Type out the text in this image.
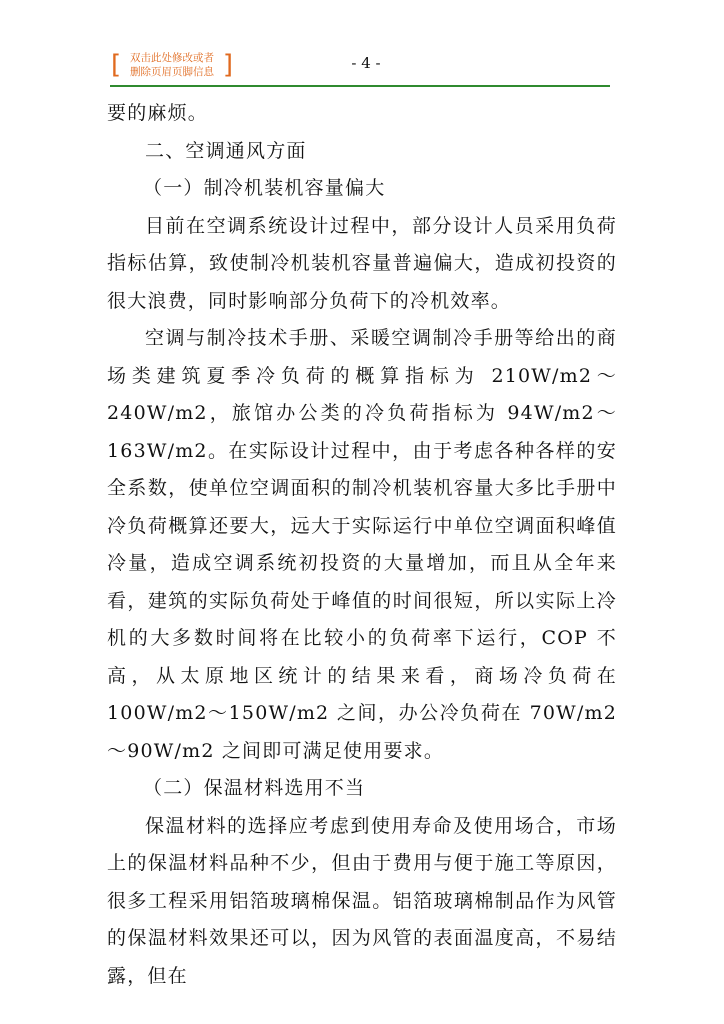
[ 双击此处修改或者
删除页眉页脚信息 ]	- 4 -

要的麻烦。

二、空调通风方面

（一）制冷机装机容量偏大

目前在空调系统设计过程中，部分设计人员采用负荷指标估算，致使制冷机装机容量普遍偏大，造成初投资的很大浪费，同时影响部分负荷下的冷机效率。

空调与制冷技术手册、采暖空调制冷手册等给出的商场类建筑夏季冷负荷的概算指标为 210W/m2～240W/m2，旅馆办公类的冷负荷指标为 94W/m2～163W/m2。在实际设计过程中，由于考虑各种各样的安全系数，使单位空调面积的制冷机装机容量大多比手册中冷负荷概算还要大，远大于实际运行中单位空调面积峰值冷量，造成空调系统初投资的大量增加，而且从全年来看，建筑的实际负荷处于峰值的时间很短，所以实际上冷机的大多数时间将在比较小的负荷率下运行，COP 不高，从太原地区统计的结果来看，商场冷负荷在 100W/m2～150W/m2 之间，办公冷负荷在 70W/m2～90W/m2 之间即可满足使用要求。

（二）保温材料选用不当

保温材料的选择应考虑到使用寿命及使用场合，市场上的保温材料品种不少，但由于费用与便于施工等原因，很多工程采用铝箔玻璃棉保温。铝箔玻璃棉制品作为风管的保温材料效果还可以，因为风管的表面温度高，不易结露，但在
